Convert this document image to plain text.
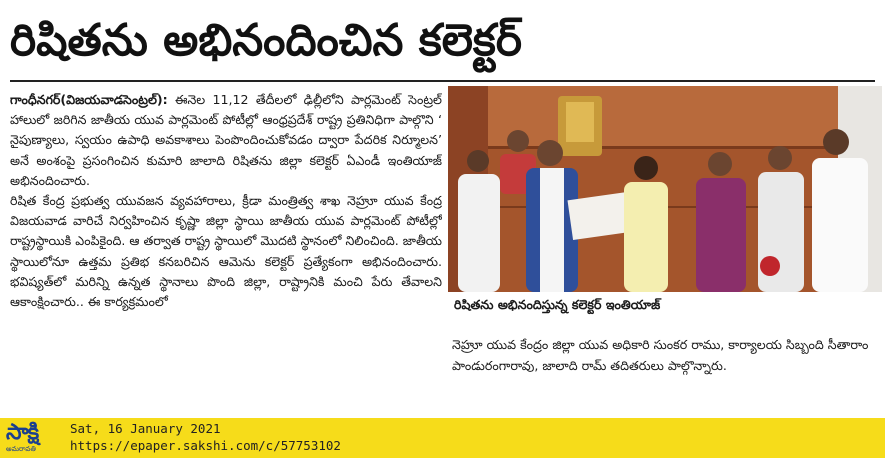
రిషితను అభినందించిన కలెక్టర్

గాంధీనగర్(విజయవాడసెంట్రల్): ఈనెల 11,12 తేదీలలో ఢిల్లీలోని పార్లమెంట్ సెంట్రల్ హాలులో జరిగిన జాతీయ యువ పార్లమెంట్ పోటీల్లో ఆంధ్రప్రదేశ్ రాష్ట్ర ప్రతినిధిగా పాల్గొని ‘ నైపుణ్యాలు, స్వయం ఉపాధి అవకాశాలు పెంపొందించుకోవడం ద్వారా పేదరిక నిర్మూలన’ అనే అంశంపై ప్రసంగించిన కుమారి జాలాది రిషితను జిల్లా కలెక్టర్ ఏఎండీ ఇంతియాజ్ అభినందించారు.

రిషిత కేంద్ర ప్రభుత్వ యువజన వ్యవహారాలు, క్రీడా మంత్రిత్వ శాఖ నెహ్రూ యువ కేంద్ర విజయవాడ వారిచే నిర్వహించిన కృష్ణా జిల్లా స్థాయి జాతీయ యువ పార్లమెంట్ పోటీల్లో రాష్ట్రస్థాయికి ఎంపికైంది. ఆ తర్వాత రాష్ట్ర స్థాయిలో మొదటి స్థానంలో నిలించింది. జాతీయ స్థాయిలోనూ ఉత్తమ ప్రతిభ కనబరిచిన ఆమెను కలెక్టర్ ప్రత్యేకంగా అభినందించారు. భవిష్యత్‌లో మరిన్ని ఉన్నత స్థానాలు పొంది జిల్లా, రాష్ట్రానికి మంచి పేరు తేవాలని ఆకాంక్షించారు.. ఈ కార్యక్రమంలో	రిషితను అభినందిస్తున్న కలెక్టర్ ఇంతియాజ్

నెహ్రూ యువ కేంద్రం జిల్లా యువ అధికారి సుంకర రాము, కార్యాలయ సిబ్బంది సీతారాం పాండురంగారావు, జాలాది రామ్ తదితరులు పాల్గొన్నారు.

సాక్షి
అమరావతి
Sat, 16 January 2021
https://epaper.sakshi.com/c/57753102
